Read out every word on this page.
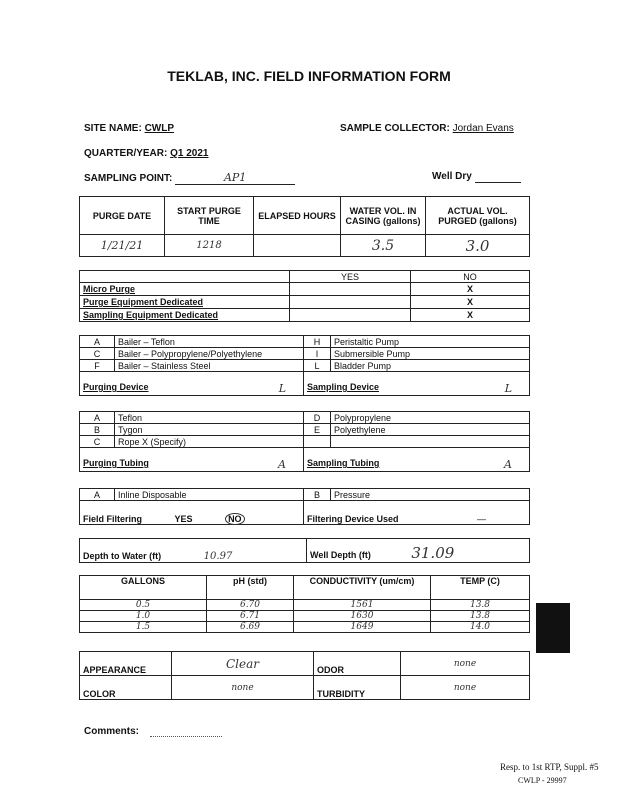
TEKLAB, INC. FIELD INFORMATION FORM
SITE NAME: CWLP	SAMPLE COLLECTOR: Jordan Evans
QUARTER/YEAR: Q1 2021
SAMPLING POINT:	AP1	Well Dry
PURGE DATE	START PURGE TIME	ELAPSED HOURS	WATER VOL. IN CASING (gallons)	ACTUAL VOL. PURGED (gallons)
1/21/21	1218		3.5	3.0
	YES	NO
Micro Purge		X
Purge Equipment Dedicated		X
Sampling Equipment Dedicated		X
A	Bailer – Teflon	H	Peristaltic Pump
C	Bailer – Polypropylene/Polyethylene	I	Submersible Pump
F	Bailer – Stainless Steel	L	Bladder Pump
Purging Device L		Sampling Device L	
A	Teflon	D	Polypropylene
B	Tygon	E	Polyethylene
C	Rope X (Specify)		
Purging Tubing A		Sampling Tubing A	
A	Inline Disposable	B	Pressure
Field Filtering YES NO		Filtering Device Used —	
Depth to Water (ft)	10.97	Well Depth (ft)	31.09
GALLONS	pH (std)	CONDUCTIVITY (um/cm)	TEMP (C)
0.5	6.70	1561	13.8
1.0	6.71	1630	13.8
1.5	6.69	1649	14.0
APPEARANCE	Clear	ODOR	none
COLOR	none	TURBIDITY	none
Comments:
Resp. to 1st RTP, Suppl. #5
CWLP - 29997
